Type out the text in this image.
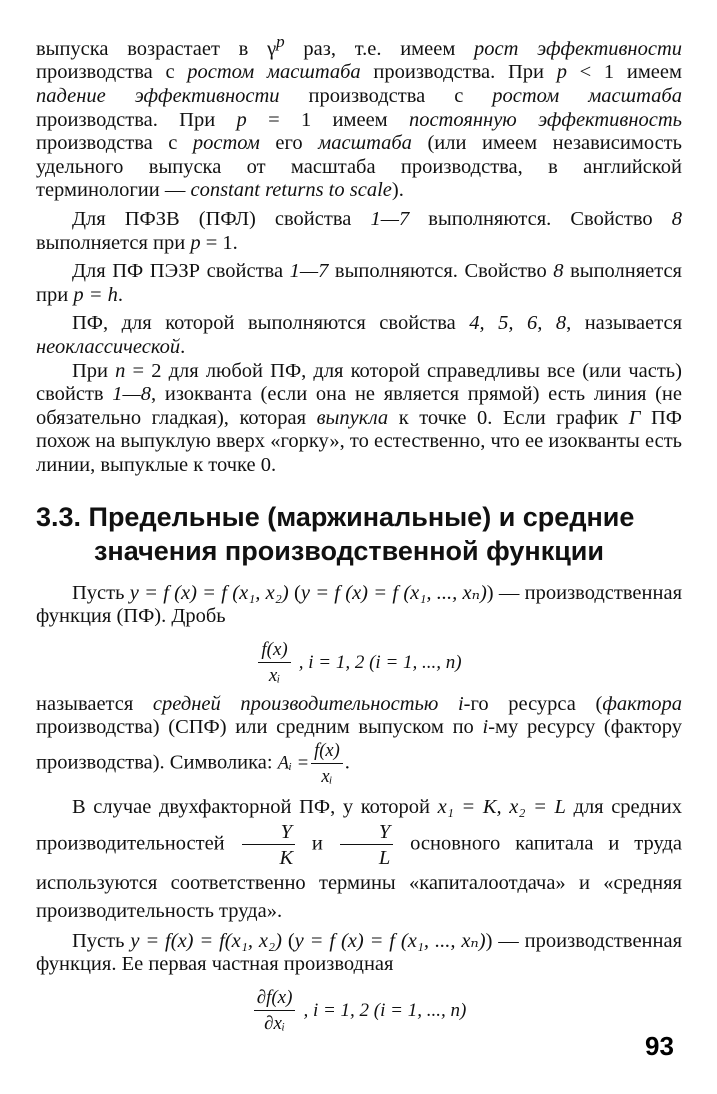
выпуска возрастает в $\gamma^p$ раз, т.е. имеем рост эффективности производства с ростом масштаба производства. При p < 1 имеем падение эффективности производства с ростом масштаба производства. При p = 1 имеем постоянную эффективность производства с ростом его масштаба (или имеем независимость удельного выпуска от масштаба производства, в английской терминологии — constant returns to scale).

Для ПФЗВ (ПФЛ) свойства 1—7 выполняются. Свойство 8 выполняется при p = 1.

Для ПФ ПЭЗР свойства 1—7 выполняются. Свойство 8 выполняется при p = h.

ПФ, для которой выполняются свойства 4, 5, 6, 8, называется неоклассической.

При n = 2 для любой ПФ, для которой справедливы все (или часть) свойств 1—8, изокванта (если она не является прямой) есть линия (не обязательно гладкая), которая выпукла к точке 0. Если график Г ПФ похож на выпуклую вверх «горку», то естественно, что ее изокванты есть линии, выпуклые к точке 0.

3.3. Предельные (маржинальные) и средние
значения производственной функции

Пусть y = f (x) = f (x₁, x₂) (y = f (x) = f (x₁, ..., xₙ)) — производственная функция (ПФ). Дробь

$\frac{f(x)}{\text{xᵢ}}$ , i = 1, 2 (i = 1, ..., n)

называется средней производительностью i-го ресурса (фактора производства) (СПФ) или средним выпуском по i-му ресурсу (фактору производства). Символика: Aᵢ = $\frac{f(x)}{\text{xᵢ}}$ .

В случае двухфакторной ПФ, у которой x₁ = K, x₂ = L для средних производительностей $\frac{Y}{K}$ и $\frac{Y}{L}$ основного капитала и труда используются соответственно термины «капиталоотдача» и «средняя производительность труда».

Пусть y = f(x) = f(x₁, x₂) (y = f (x) = f (x₁, ..., xₙ)) — производственная функция. Ее первая частная производная

$\frac{\partial f(x)}{\text{∂xᵢ}}$ , i = 1, 2 (i = 1, ..., n)
93
